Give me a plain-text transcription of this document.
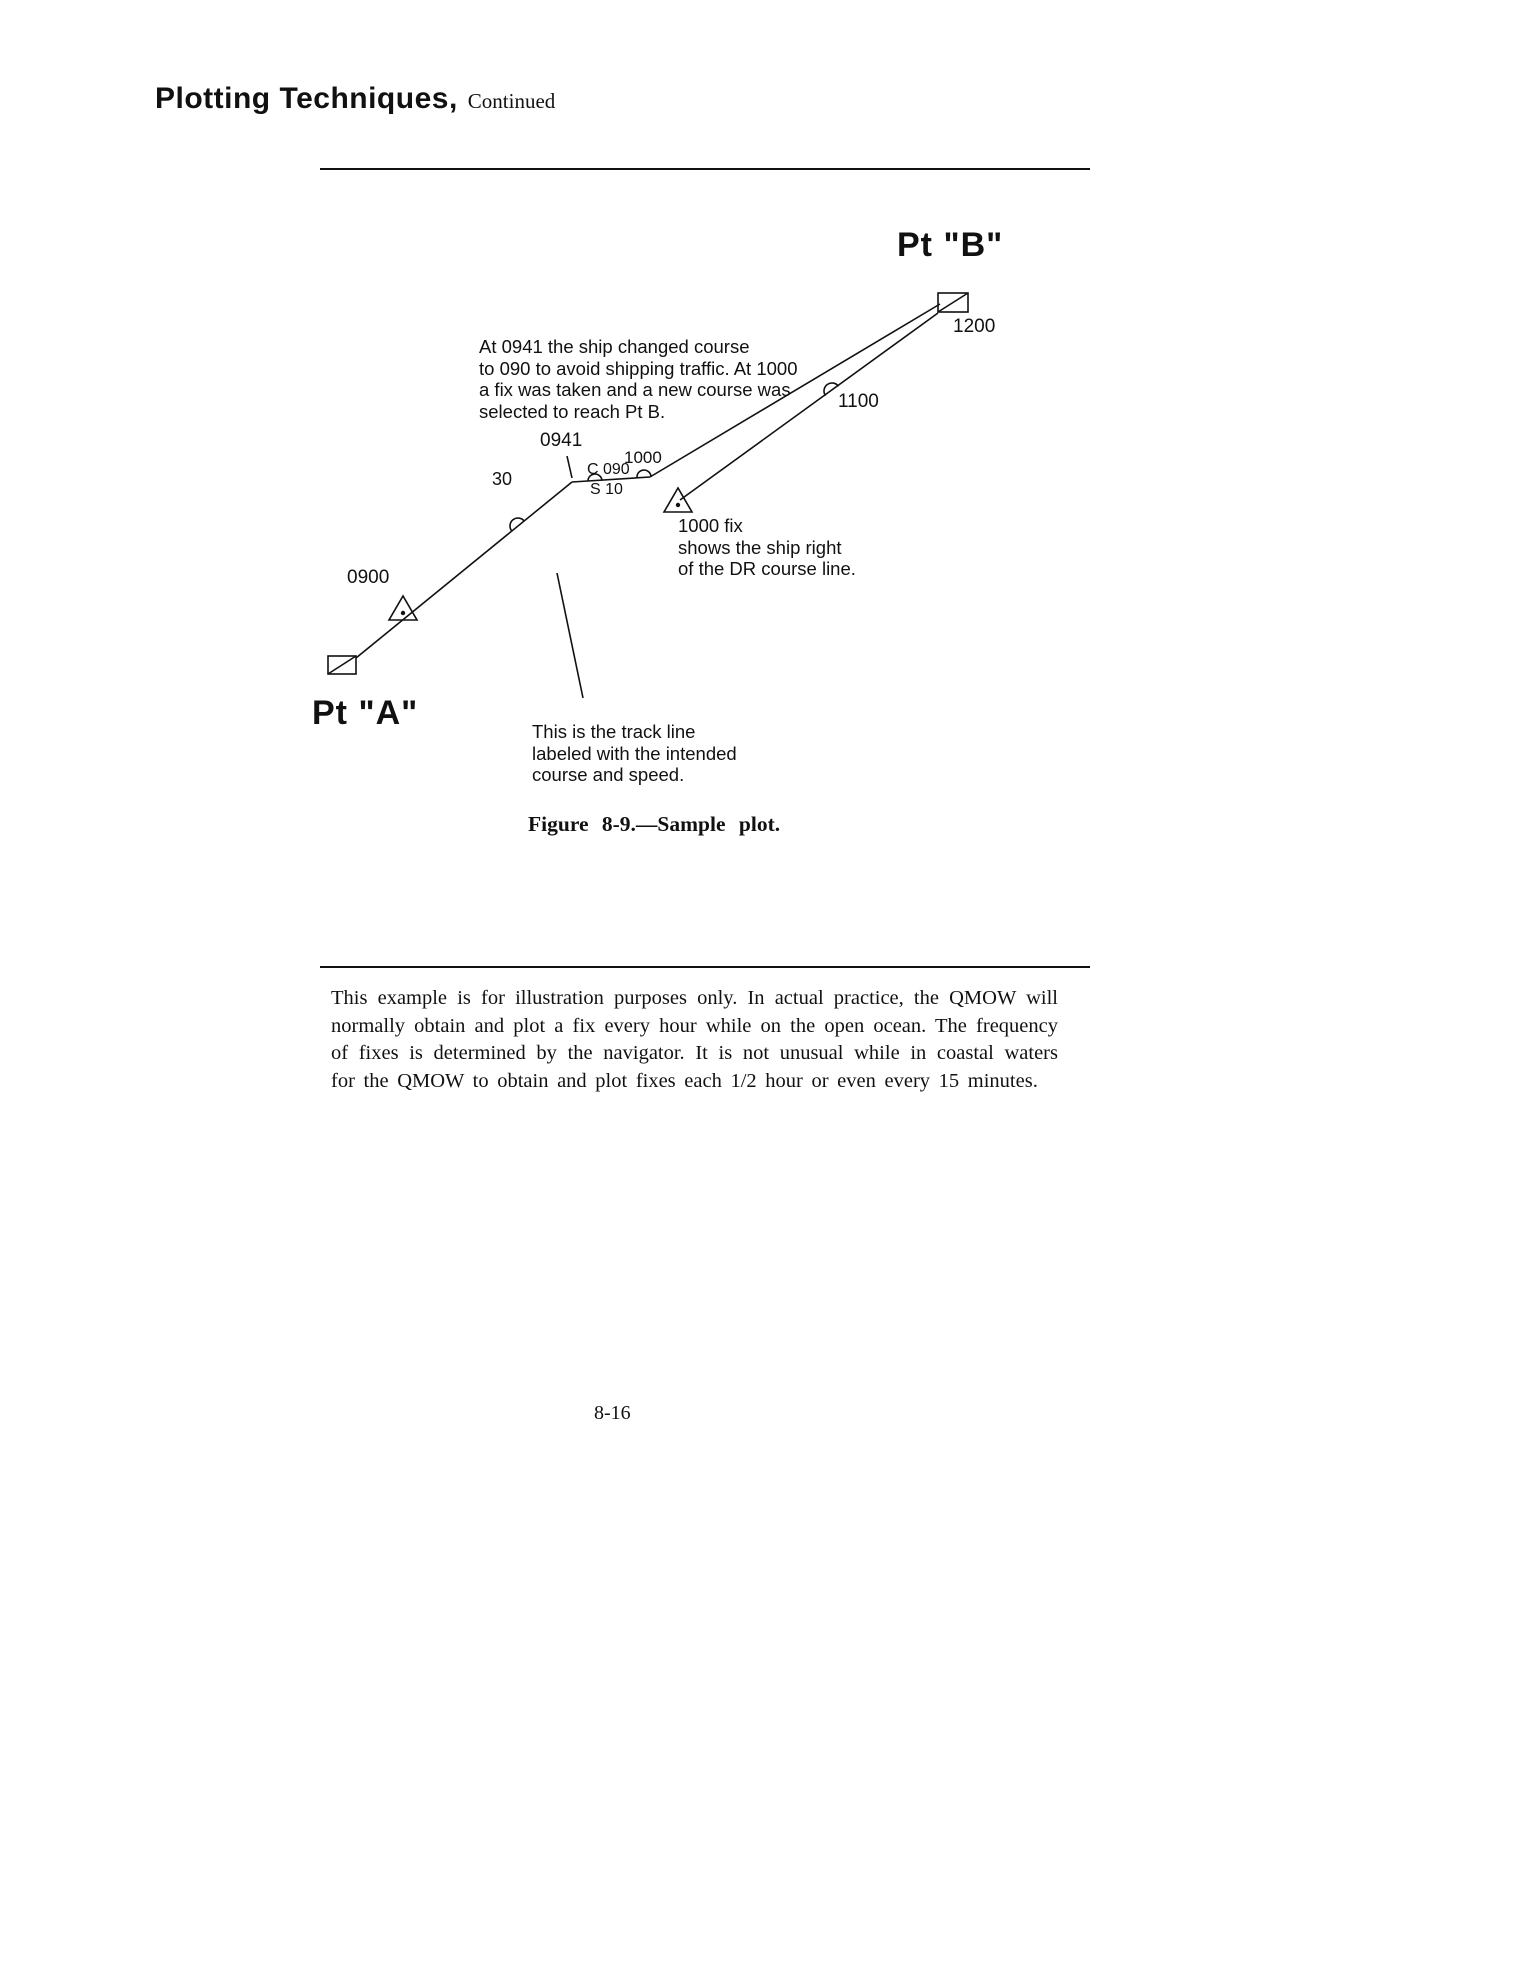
Plotting Techniques, Continued
Pt "B"
1200
1100
0941
1000
C 090
S 10
30
0900
Pt "A"
At 0941 the ship changed course
to 090 to avoid shipping traffic. At 1000
a fix was taken and a new course was
selected to reach Pt B.
1000 fix
shows the ship right
of the DR course line.
This is the track line
labeled with the intended
course and speed.
Figure 8-9.—Sample plot.

This example is for illustration purposes only. In actual practice, the QMOW will normally obtain and plot a fix every hour while on the open ocean. The frequency of fixes is determined by the navigator. It is not unusual while in coastal waters for the QMOW to obtain and plot fixes each 1/2 hour or even every 15 minutes.

8-16
